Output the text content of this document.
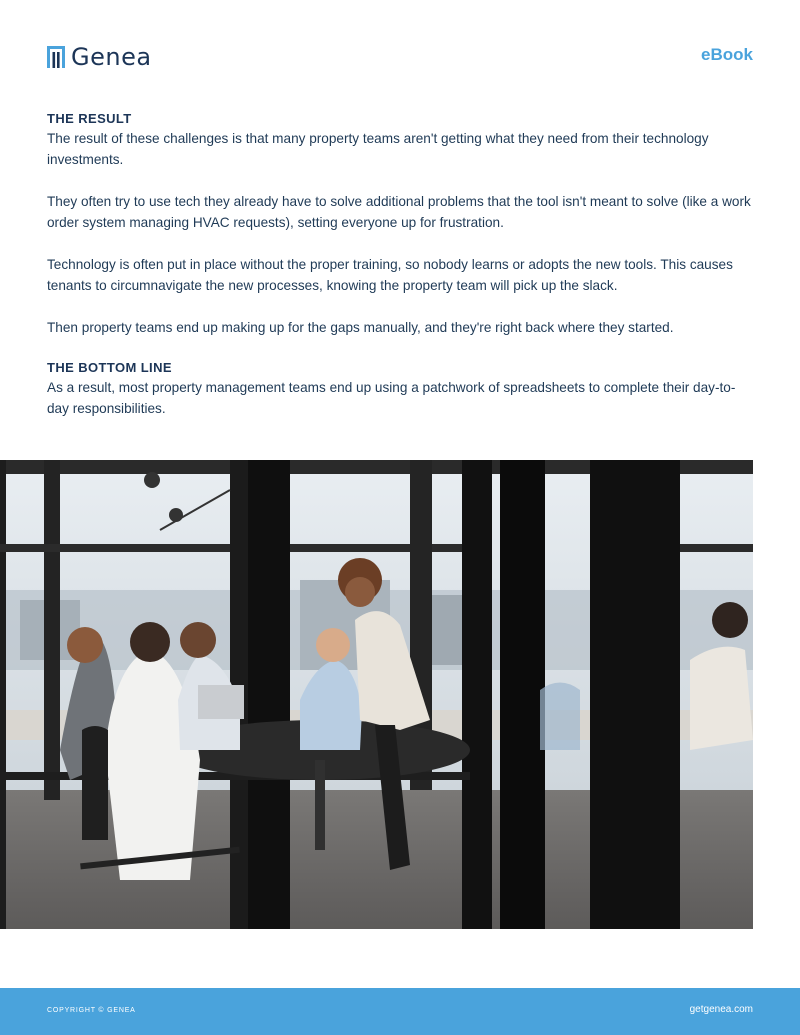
Genea	eBook
THE RESULT

The result of these challenges is that many property teams aren't getting what they need from their technology investments.

They often try to use tech they already have to solve additional problems that the tool isn't meant to solve (like a work order system managing HVAC requests), setting everyone up for frustration.

Technology is often put in place without the proper training, so nobody learns or adopts the new tools. This causes tenants to circumnavigate the new processes, knowing the property team will pick up the slack.

Then property teams end up making up for the gaps manually, and they're right back where they started.

THE BOTTOM LINE

As a result, most property management teams end up using a patchwork of spreadsheets to complete their day-to-day responsibilities.

COPYRIGHT © GENEA	getgenea.com
